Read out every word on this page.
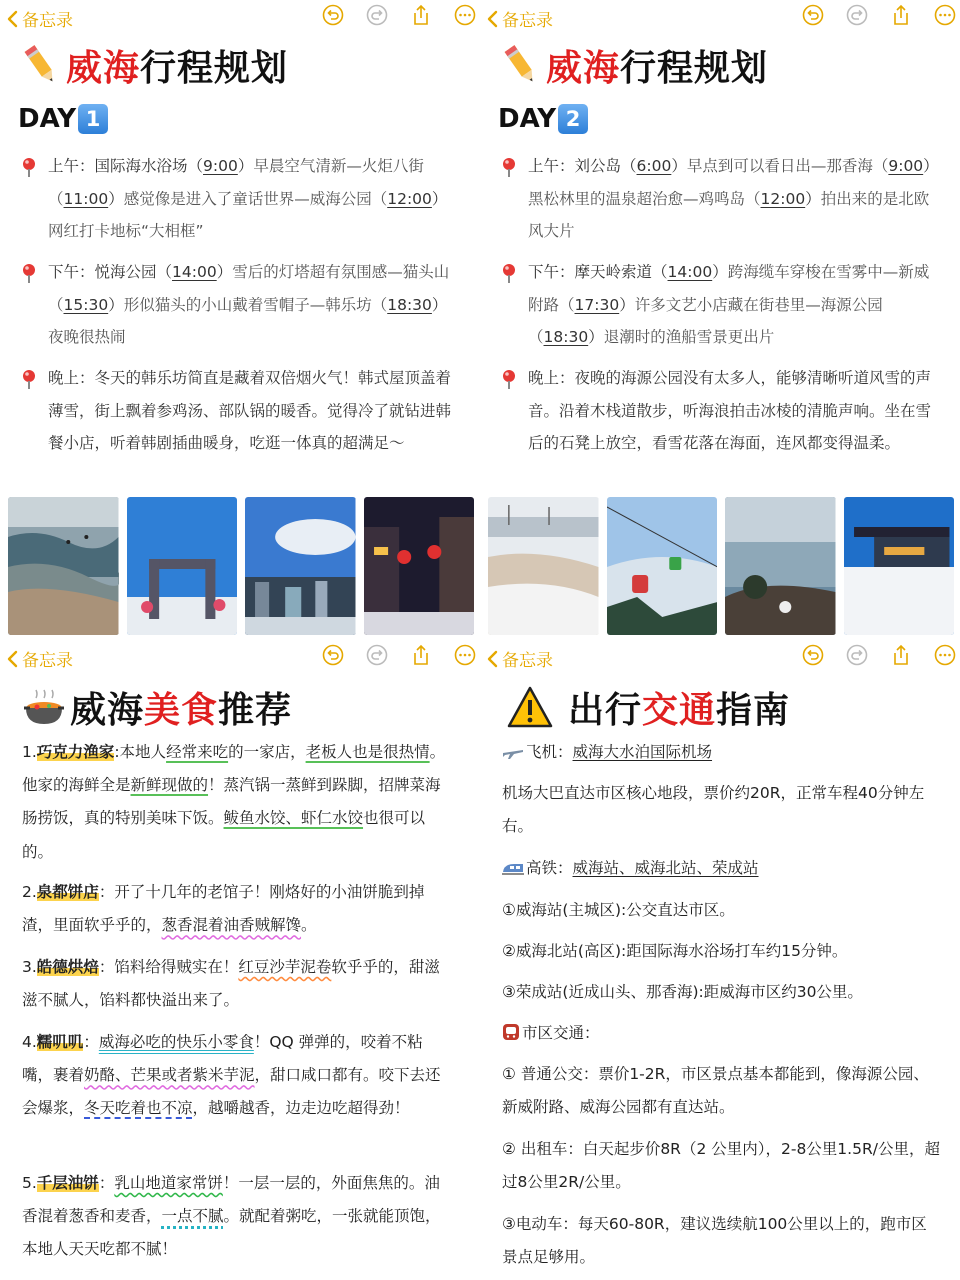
备忘录
威海 行程规划
DAY 1

上午：国际海水浴场（9:00）早晨空气清新—火炬八街（11:00）感觉像是进入了童话世界—威海公园（12:00）网红打卡地标“大相框”

下午：悦海公园（14:00）雪后的灯塔超有氛围感—猫头山（15:30）形似猫头的小山戴着雪帽子—韩乐坊（18:30）夜晚很热闹

晚上：冬天的韩乐坊简直是藏着双倍烟火气！韩式屋顶盖着薄雪，街上飘着参鸡汤、部队锅的暖香。觉得冷了就钻进韩餐小店，听着韩剧插曲暖身，吃逛一体真的超满足～

备忘录
威海 行程规划
DAY 2

上午：刘公岛（6:00）早点到可以看日出—那香海（9:00）黑松林里的温泉超治愈—鸡鸣岛（12:00）拍出来的是北欧风大片

下午：摩天岭索道（14:00）跨海缆车穿梭在雪雾中—新威附路（17:30）许多文艺小店藏在街巷里—海源公园（18:30）退潮时的渔船雪景更出片

晚上：夜晚的海源公园没有太多人，能够清晰听道风雪的声音。沿着木栈道散步，听海浪拍击冰棱的清脆声响。坐在雪后的石凳上放空，看雪花落在海面，连风都变得温柔。

备忘录
威海 美食 推荐
1.巧克力渔家:本地人经常来吃的一家店，老板人也是很热情。他家的海鲜全是新鲜现做的！蒸汽锅一蒸鲜到跺脚，招牌菜海肠捞饭，真的特别美味下饭。鲅鱼水饺、虾仁水饺也很可以的。
2.泉都饼店：开了十几年的老馆子！刚烙好的小油饼脆到掉渣，里面软乎乎的，葱香混着油香贼解馋。
3.皓德烘焙：馅料给得贼实在！红豆沙芋泥卷软乎乎的，甜滋滋不腻人，馅料都快溢出来了。
4.糯叽叽：威海必吃的快乐小零食！QQ 弹弹的，咬着不粘嘴，裹着奶酪、芒果或者紫米芋泥，甜口咸口都有。咬下去还会爆浆，冬天吃着也不凉，越嚼越香，边走边吃超得劲！
5.千层油饼：乳山地道家常饼！一层一层的，外面焦焦的。油香混着葱香和麦香，一点不腻。就配着粥吃，一张就能顶饱，本地人天天吃都不腻！
备忘录
出行 交通 指南
飞机：威海大水泊国际机场
机场大巴直达市区核心地段，票价约20R，正常车程40分钟左右。
高铁：威海站、威海北站、荣成站
①威海站(主城区):公交直达市区。
②威海北站(高区):距国际海水浴场打车约15分钟。
③荣成站(近成山头、那香海):距威海市区约30公里。
市区交通：
① 普通公交：票价1-2R，市区景点基本都能到，像海源公园、新威附路、威海公园都有直达站。
② 出租车：白天起步价8R（2 公里内），2-8公里1.5R/公里，超过8公里2R/公里。
③电动车：每天60-80R，建议选续航100公里以上的，跑市区景点足够用。
